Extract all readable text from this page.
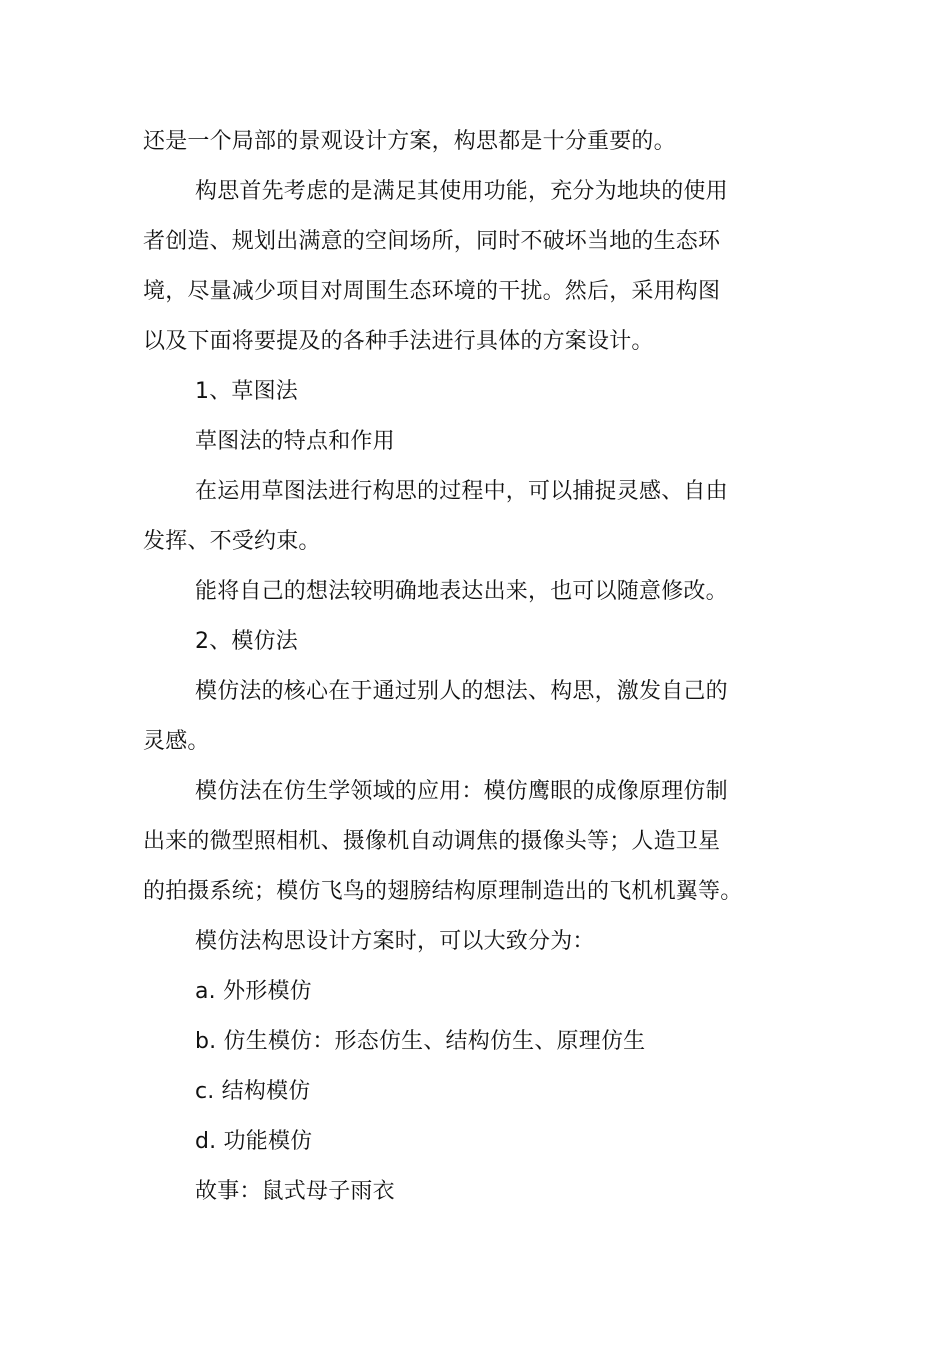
还是一个局部的景观设计方案，构思都是十分重要的。
构思首先考虑的是满足其使用功能，充分为地块的使用
者创造、规划出满意的空间场所，同时不破坏当地的生态环
境，尽量减少项目对周围生态环境的干扰。然后，采用构图
以及下面将要提及的各种手法进行具体的方案设计。
1、草图法
草图法的特点和作用
在运用草图法进行构思的过程中，可以捕捉灵感、自由
发挥、不受约束。
能将自己的想法较明确地表达出来，也可以随意修改。
2、模仿法
模仿法的核心在于通过别人的想法、构思，激发自己的
灵感。
模仿法在仿生学领域的应用：模仿鹰眼的成像原理仿制
出来的微型照相机、摄像机自动调焦的摄像头等；人造卫星
的拍摄系统；模仿飞鸟的翅膀结构原理制造出的飞机机翼等。
模仿法构思设计方案时，可以大致分为：
a. 外形模仿
b. 仿生模仿：形态仿生、结构仿生、原理仿生
c. 结构模仿
d. 功能模仿
故事：鼠式母子雨衣
